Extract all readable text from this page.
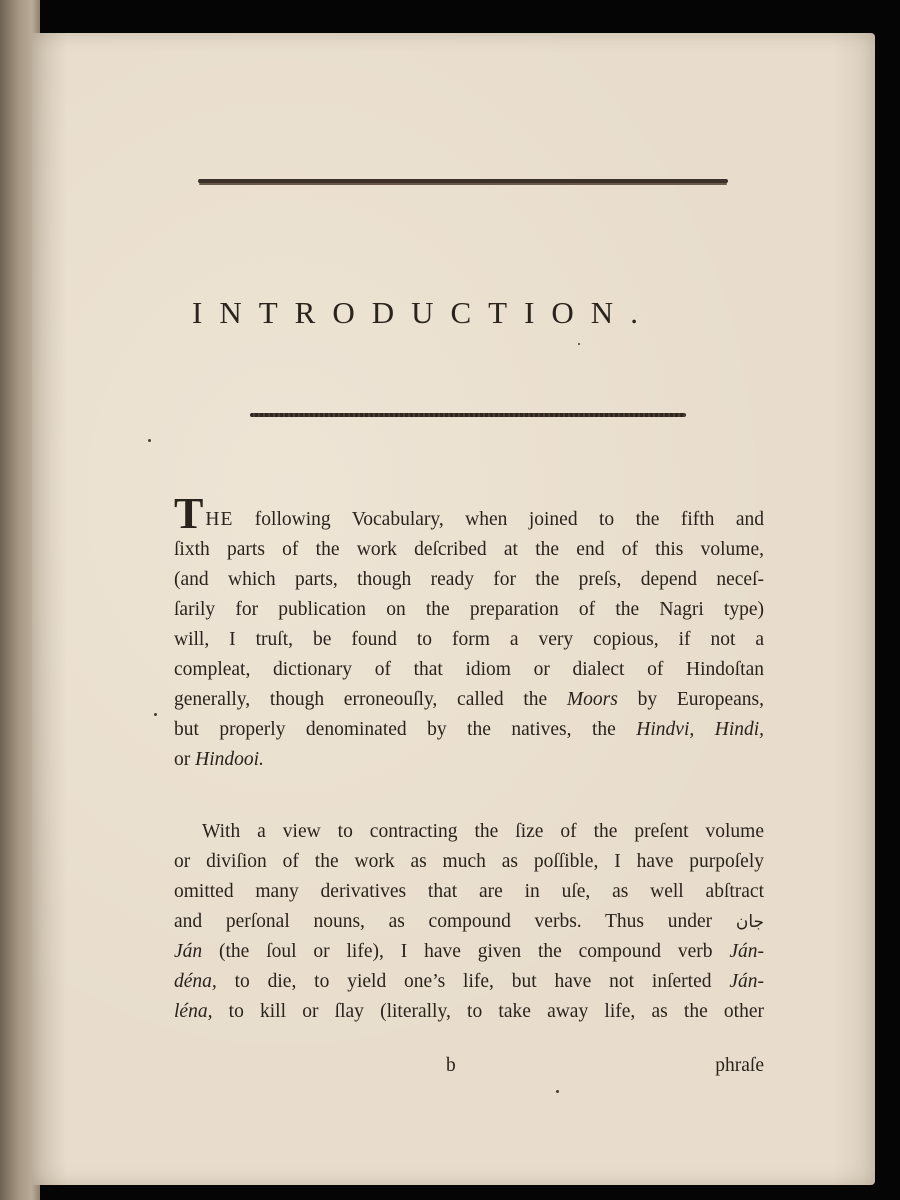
INTRODUCTION.

THE following Vocabulary, when joined to the fifth and
ſixth parts of the work deſcribed at the end of this volume,
(and which parts, though ready for the preſs, depend neceſ-
ſarily for publication on the preparation of the Nagri type)
will, I truſt, be found to form a very copious, if not a
compleat, dictionary of that idiom or dialect of Hindoſtan
generally, though erroneouſly, called the Moors by Europeans,
but properly denominated by the natives, the Hindvi, Hindi,
or Hindooi.

With a view to contracting the ſize of the preſent volume
or diviſion of the work as much as poſſible, I have purpoſely
omitted many derivatives that are in uſe, as well abſtract
and perſonal nouns, as compound verbs. Thus under جان
Ján (the ſoul or life), I have given the compound verb Ján-
déna, to die, to yield one’s life, but have not inſerted Ján-
léna, to kill or ſlay (literally, to take away life, as the other

b	phraſe
